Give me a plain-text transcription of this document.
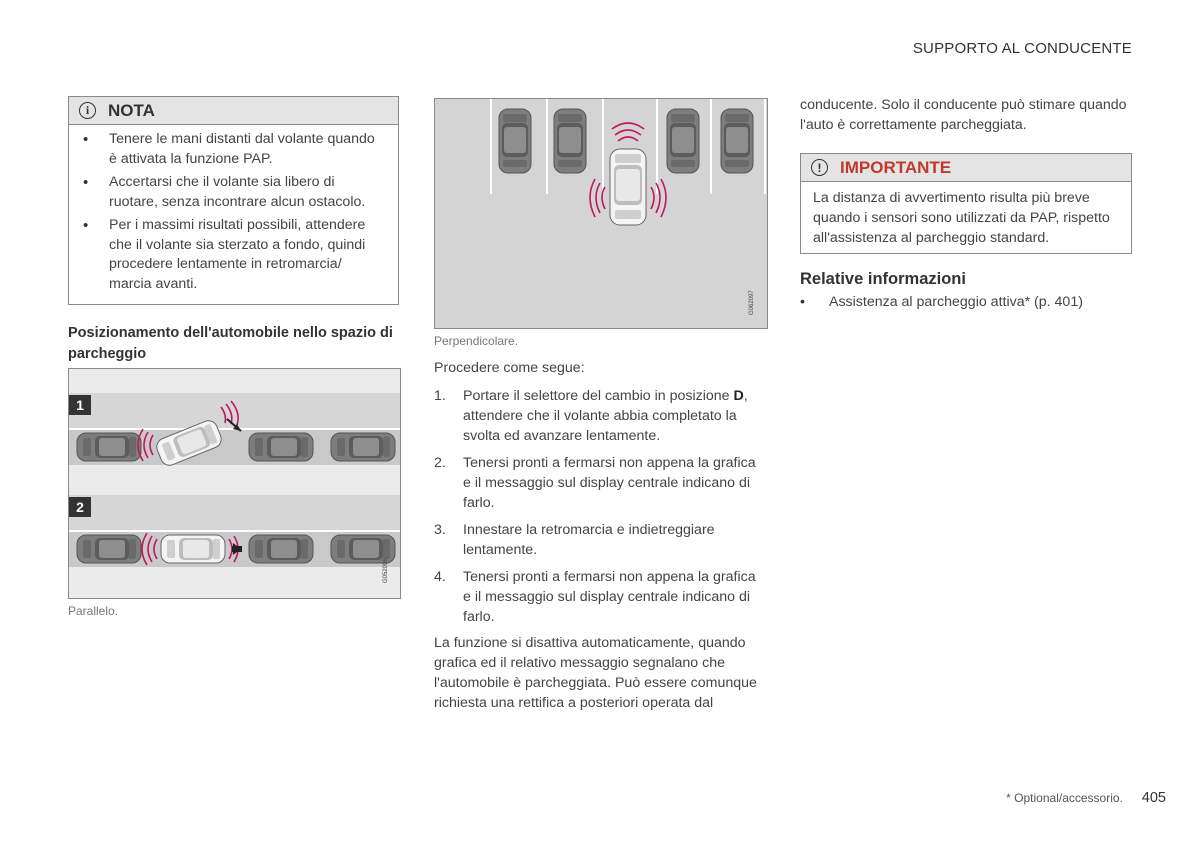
SUPPORTO AL CONDUCENTE
i	NOTA
• Tenere le mani distanti dal volante quando è attivata la funzione PAP.
• Accertarsi che il volante sia libero di ruotare, senza incontrare alcun ostacolo.
• Per i massimi risultati possibili, attendere che il volante sia sterzato a fondo, quindi procedere lentamente in retromarcia/ marcia avanti.
Posizionamento dell'automobile nello spazio di parcheggio
1
2
G052096
Parallelo.
G062097
Perpendicolare.
Procedere come segue:
1. Portare il selettore del cambio in posizione D, attendere che il volante abbia completato la svolta ed avanzare lentamente.
2. Tenersi pronti a fermarsi non appena la grafica e il messaggio sul display centrale indicano di farlo.
3. Innestare la retromarcia e indietreggiare lentamente.
4. Tenersi pronti a fermarsi non appena la grafica e il messaggio sul display centrale indicano di farlo.
La funzione si disattiva automaticamente, quando grafica ed il relativo messaggio segnalano che l'automobile è parcheggiata. Può essere comunque richiesta una rettifica a posteriori operata dal
conducente. Solo il conducente può stimare quando l'auto è correttamente parcheggiata.
!	IMPORTANTE
La distanza di avvertimento risulta più breve quando i sensori sono utilizzati da PAP, rispetto all'assistenza al parcheggio standard.
Relative informazioni
• Assistenza al parcheggio attiva* (p. 401)
* Optional/accessorio. 405
